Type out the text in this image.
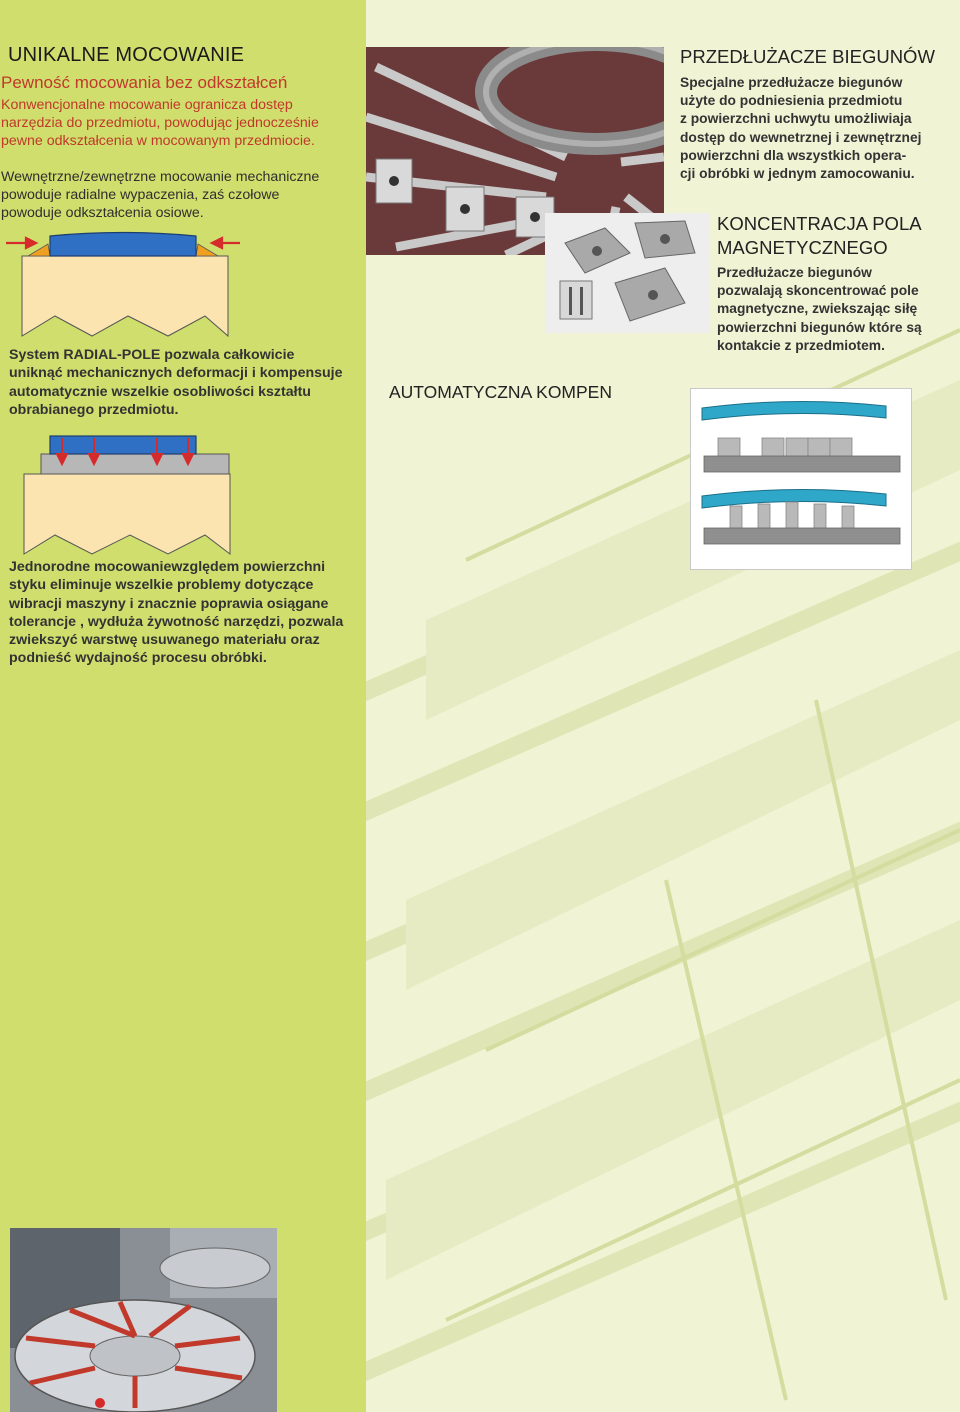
UNIKALNE MOCOWANIE
Pewność mocowania bez odkształceń
Konwencjonalne mocowanie ogranicza dostęp
narzędzia do przedmiotu, powodując jednocześnie
pewne odkształcenia w mocowanym przedmiocie.
Wewnętrzne/zewnętrzne mocowanie mechaniczne
powoduje radialne wypaczenia, zaś czołowe
powoduje odkształcenia osiowe.
System RADIAL-POLE pozwala całkowicie
uniknąć mechanicznych deformacji i kompensuje
automatycznie wszelkie osobliwości kształtu
obrabianego przedmiotu.
Jednorodne mocowaniewzględem powierzchni
styku eliminuje wszelkie problemy dotyczące
wibracji maszyny i znacznie poprawia osiągane
tolerancje , wydłuża żywotność narzędzi, pozwala
zwiekszyć warstwę usuwanego materiału oraz
podnieść wydajność procesu obróbki.
AUTOMATYCZNA KOMPEN
PRZEDŁUŻACZE BIEGUNÓW
Specjalne przedłużacze biegunów
użyte do podniesienia przedmiotu
z powierzchni uchwytu umożliwiaja
dostęp do wewnetrznej i zewnętrznej
powierzchni dla wszystkich opera-
cji obróbki w jednym zamocowaniu.
KONCENTRACJA POLA
MAGNETYCZNEGO
Przedłużacze biegunów
pozwalają skoncentrować pole
magnetyczne, zwiekszając siłę
powierzchni biegunów które są
kontakcie z przedmiotem.
